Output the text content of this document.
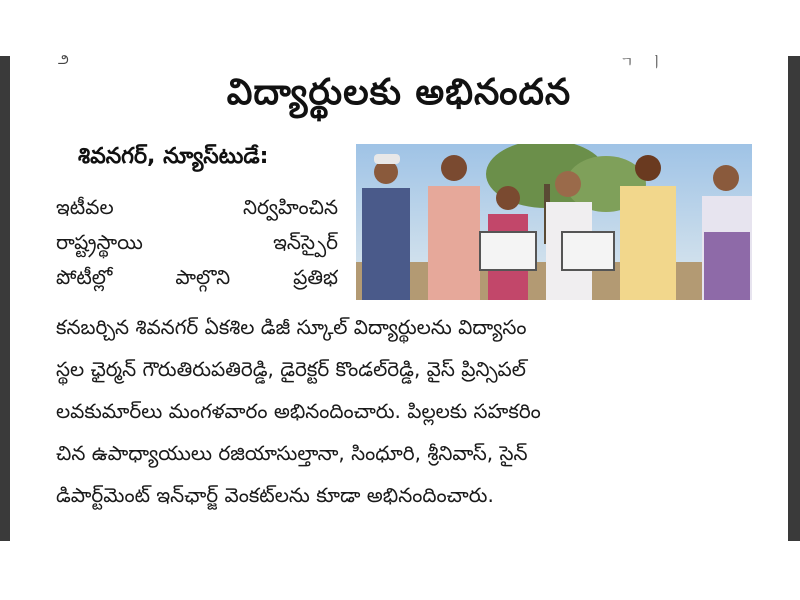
౨	ㄱ ㅣ
విద్యార్థులకు అభినందన
శివనగర్, న్యూస్‌టుడే:
ఇటీవల నిర్వహించిన
రాష్ట్రస్థాయి ఇన్‌స్పైర్
పోటీల్లో పాల్గొని ప్రతిభ
కనబర్చిన శివనగర్ ఏకశిల డిజీ స్కూల్ విద్యార్థులను విద్యాసం
స్థల ఛైర్మన్ గౌరుతిరుపతిరెడ్డి, డైరెక్టర్ కొండల్‌రెడ్డి, వైస్ ప్రిన్సిపల్
లవకుమార్‌లు మంగళవారం అభినందించారు. పిల్లలకు సహకరిం
చిన ఉపాధ్యాయులు రజియాసుల్తానా, సింధూరి, శ్రీనివాస్, సైన్
డిపార్ట్‌మెంట్ ఇన్‌ఛార్జ్ వెంకట్‌లను కూడా అభినందించారు.
